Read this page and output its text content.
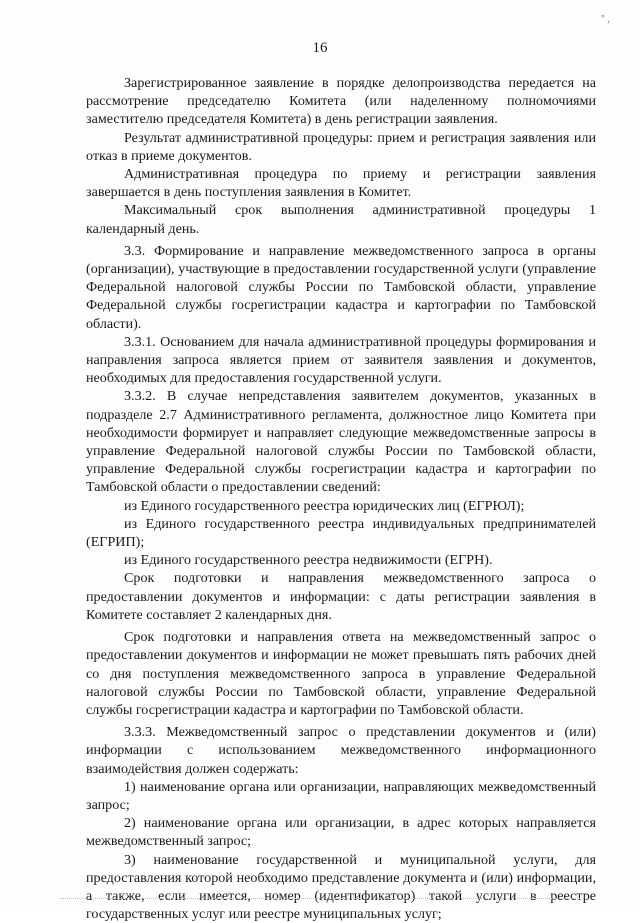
" ,
16

Зарегистрированное заявление в порядке делопроизводства передается на рассмотрение председателю Комитета (или наделенному полномочиями заместителю председателя Комитета) в день регистрации заявления.

Результат административной процедуры: прием и регистрация заявления или отказ в приеме документов.

Административная процедура по приему и регистрации заявления завершается в день поступления заявления в Комитет.

Максимальный срок выполнения административной процедуры 1 календарный день.

3.3. Формирование и направление межведомственного запроса в органы (организации), участвующие в предоставлении государственной услуги (управление Федеральной налоговой службы России по Тамбовской области, управление Федеральной службы госрегистрации кадастра и картографии по Тамбовской области).

3.3.1. Основанием для начала административной процедуры формирования и направления запроса является прием от заявителя заявления и документов, необходимых для предоставления государственной услуги.

3.3.2. В случае непредставления заявителем документов, указанных в подразделе 2.7 Административного регламента, должностное лицо Комитета при необходимости формирует и направляет следующие межведомственные запросы в управление Федеральной налоговой службы России по Тамбовской области, управление Федеральной службы госрегистрации кадастра и картографии по Тамбовской области о предоставлении сведений:

из Единого государственного реестра юридических лиц (ЕГРЮЛ);

из Единого государственного реестра индивидуальных предпринимателей (ЕГРИП);

из Единого государственного реестра недвижимости (ЕГРН).

Срок подготовки и направления межведомственного запроса о предоставлении документов и информации: с даты регистрации заявления в Комитете составляет 2 календарных дня.

Срок подготовки и направления ответа на межведомственный запрос о предоставлении документов и информации не может превышать пять рабочих дней со дня поступления межведомственного запроса в управление Федеральной налоговой службы России по Тамбовской области, управление Федеральной службы госрегистрации кадастра и картографии по Тамбовской области.

3.3.3. Межведомственный запрос о представлении документов и (или) информации с использованием межведомственного информационного взаимодействия должен содержать:

1) наименование органа или организации, направляющих межведомственный запрос;

2) наименование органа или организации, в адрес которых направляется межведомственный запрос;

3) наименование государственной и муниципальной услуги, для предоставления которой необходимо представление документа и (или) информации, а также, если имеется, номер (идентификатор) такой услуги в реестре государственных услуг или реестре муниципальных услуг;
